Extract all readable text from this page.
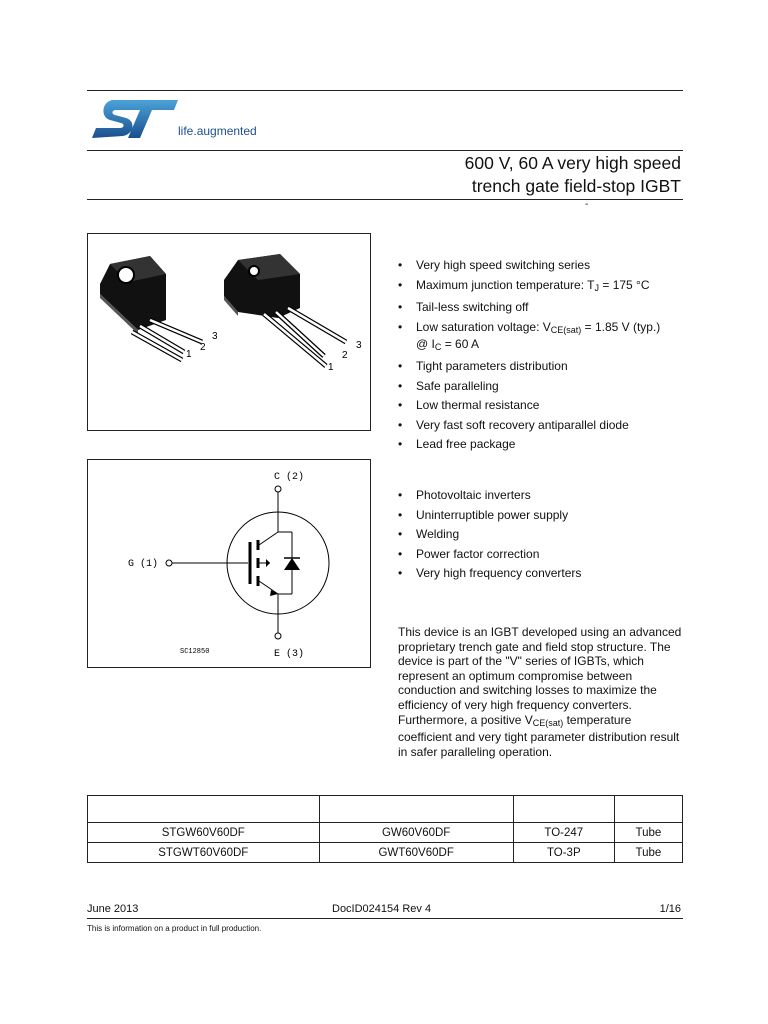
life.augmented
600 V, 60 A very high speed
trench gate field-stop IGBT
-
1
2
3
1
2
3
• Very high speed switching series
• Maximum junction temperature: $T_J = 175$ °C
• Tail-less switching off
• Low saturation voltage: $V_{CE(sat)} = 1.85$ V (typ.)
@ $I_C = 60$ A
• Tight parameters distribution
• Safe paralleling
• Low thermal resistance
• Very fast soft recovery antiparallel diode
• Lead free package
C (2)
G (1)
E (3)
SC12850
• Photovoltaic inverters
• Uninterruptible power supply
• Welding
• Power factor correction
• Very high frequency converters
This device is an IGBT developed using an advanced proprietary trench gate and field stop structure. The device is part of the "V" series of IGBTs, which represent an optimum compromise between conduction and switching losses to maximize the efficiency of very high frequency converters. Furthermore, a positive $V_{CE(sat)}$ temperature coefficient and very tight parameter distribution result in safer paralleling operation.

STGW60V60DF	GW60V60DF	TO-247	Tube
STGWT60V60DF	GWT60V60DF	TO-3P	Tube
June 2013	DocID024154 Rev 4	1/16
This is information on a product in full production.
